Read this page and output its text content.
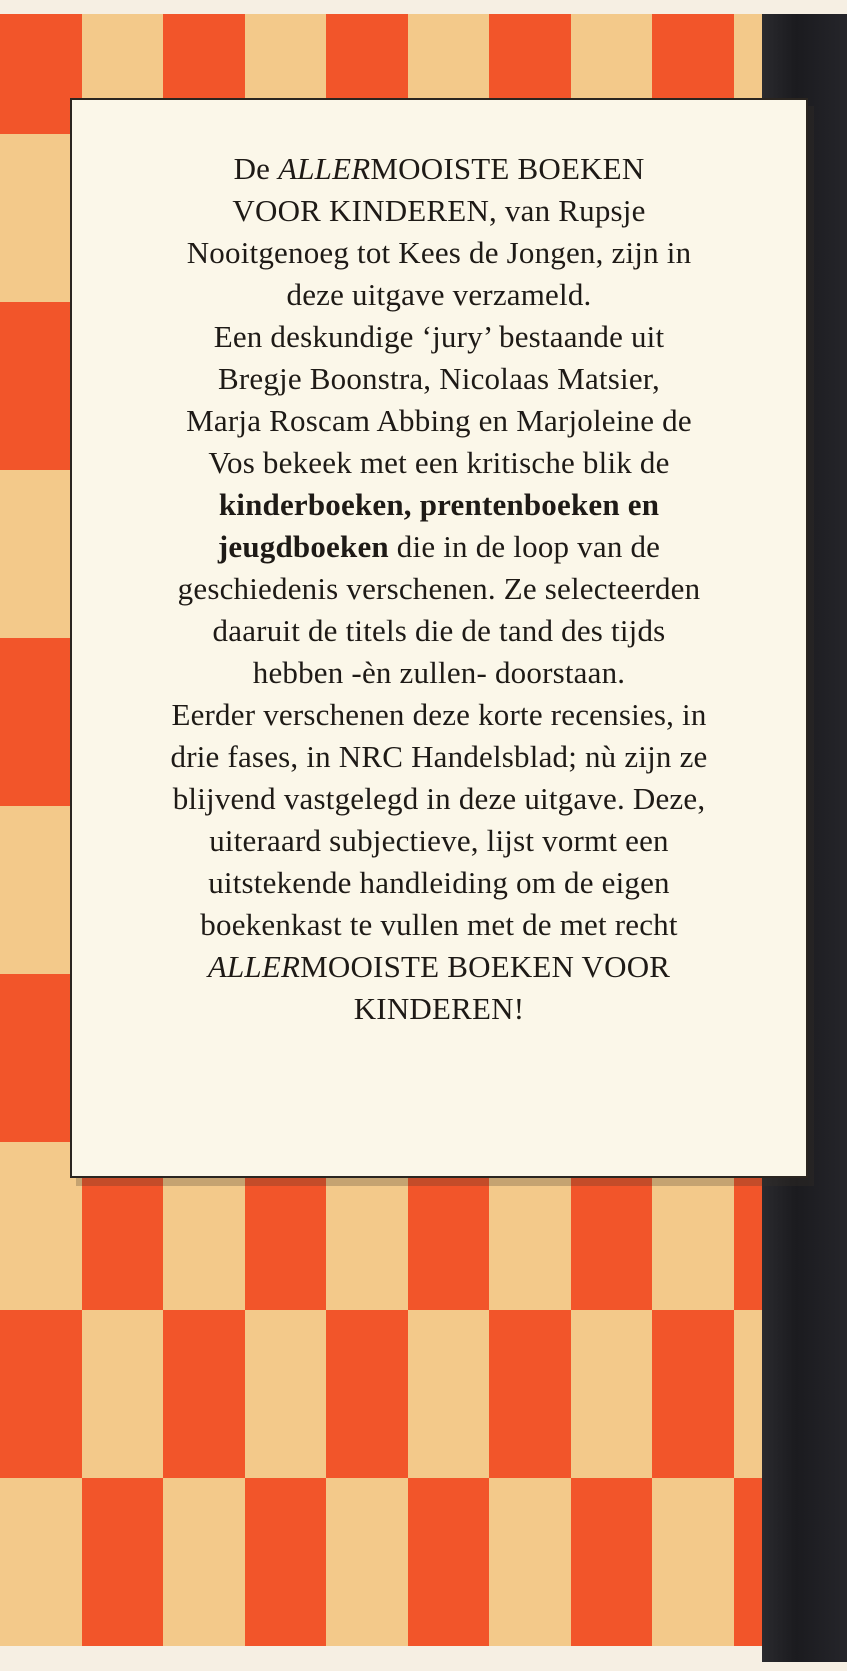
De ALLERMOOISTE BOEKEN
VOOR KINDEREN, van Rupsje
Nooitgenoeg tot Kees de Jongen, zijn in
deze uitgave verzameld.
Een deskundige ‘jury’ bestaande uit
Bregje Boonstra, Nicolaas Matsier,
Marja Roscam Abbing en Marjoleine de
Vos bekeek met een kritische blik de
kinderboeken, prentenboeken en
jeugdboeken die in de loop van de
geschiedenis verschenen. Ze selecteerden
daaruit de titels die de tand des tijds
hebben -èn zullen- doorstaan.
Eerder verschenen deze korte recensies, in
drie fases, in NRC Handelsblad; nù zijn ze
blijvend vastgelegd in deze uitgave. Deze,
uiteraard subjectieve, lijst vormt een
uitstekende handleiding om de eigen
boekenkast te vullen met de met recht
ALLERMOOISTE BOEKEN VOOR
KINDEREN!
